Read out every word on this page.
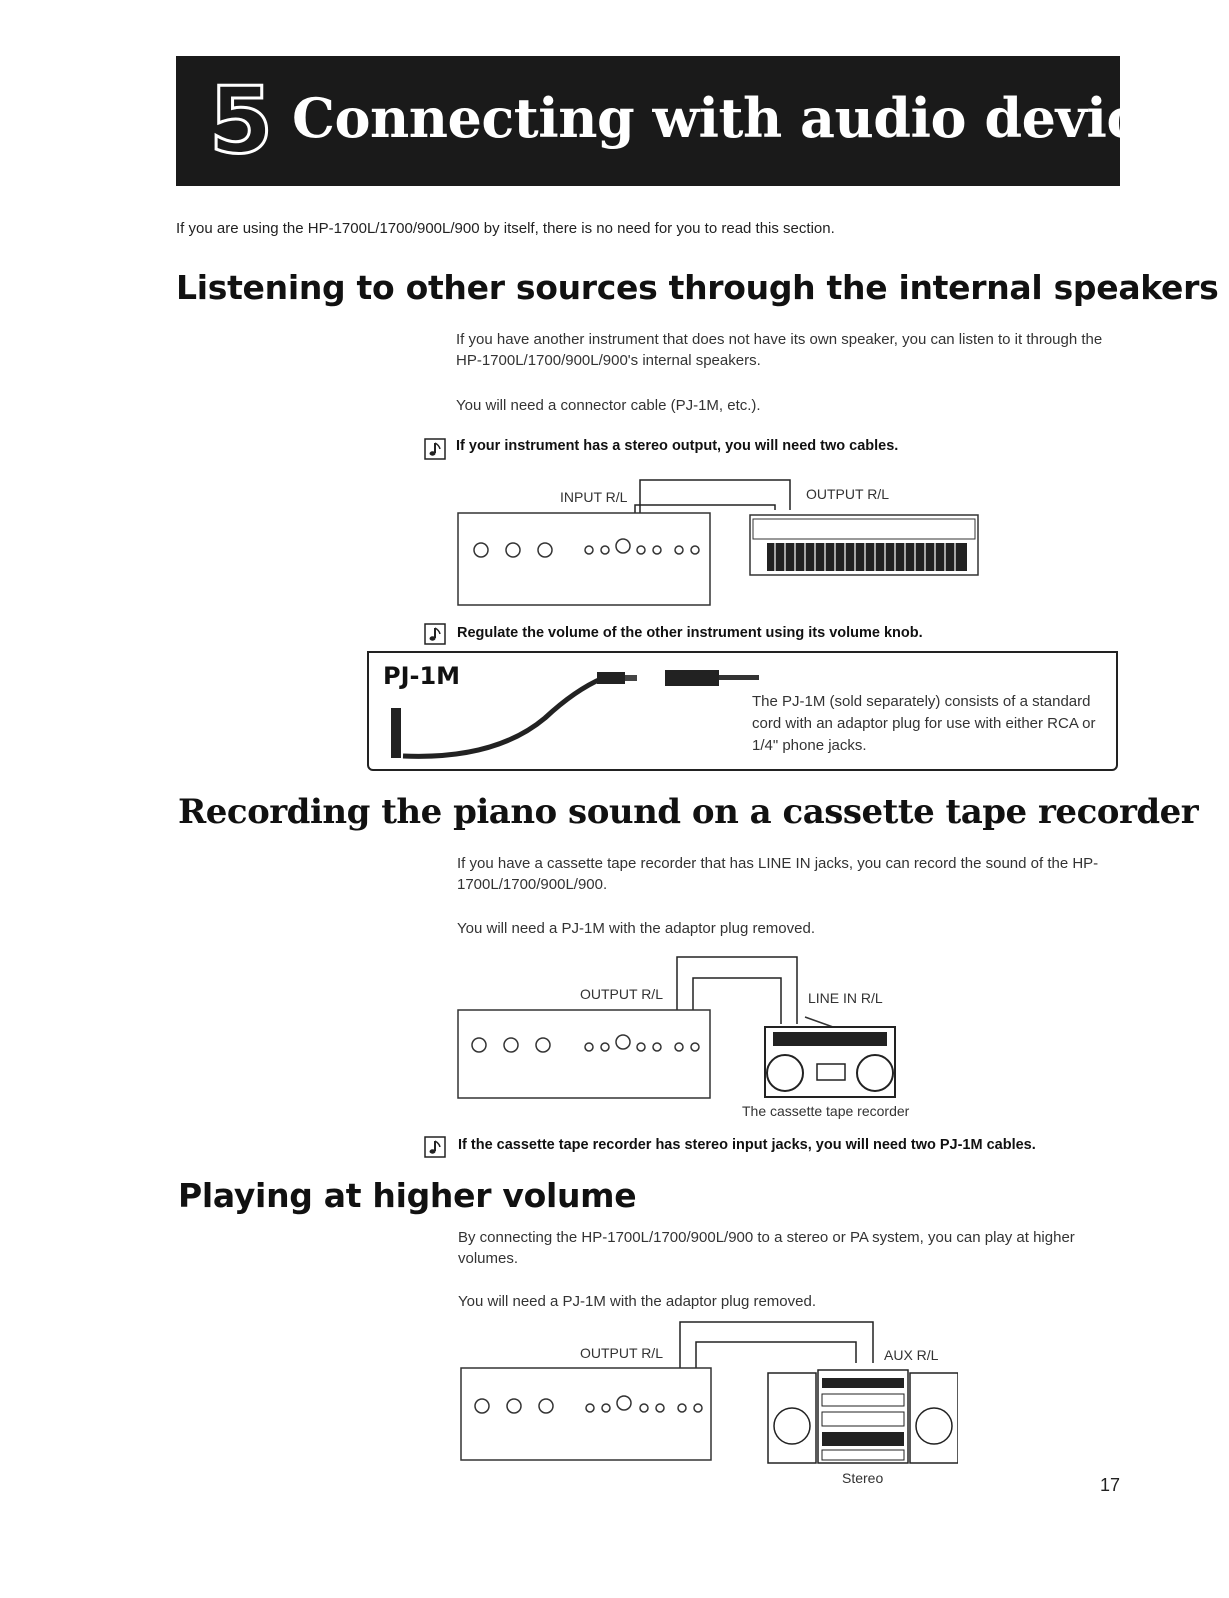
5 Connecting with audio device
If you are using the HP-1700L/1700/900L/900 by itself, there is no need for you to read this section.
Listening to other sources through the internal speakers
If you have another instrument that does not have its own speaker, you can listen to it through the HP-1700L/1700/900L/900's internal speakers.
You will need a connector cable (PJ-1M, etc.).
If your instrument has a stereo output, you will need two cables.
INPUT R/L	OUTPUT R/L
Regulate the volume of the other instrument using its volume knob.
PJ-1M
The PJ-1M (sold separately) consists of a standard cord with an adaptor plug for use with either RCA or 1/4" phone jacks.
Recording the piano sound on a cassette tape recorder
If you have a cassette tape recorder that has LINE IN jacks, you can record the sound of the HP-1700L/1700/900L/900.
You will need a PJ-1M with the adaptor plug removed.
OUTPUT R/L	LINE IN R/L
The cassette tape recorder
If the cassette tape recorder has stereo input jacks, you will need two PJ-1M cables.
Playing at higher volume
By connecting the HP-1700L/1700/900L/900 to a stereo or PA system, you can play at higher volumes.
You will need a PJ-1M with the adaptor plug removed.
OUTPUT R/L	AUX R/L
Stereo	17
